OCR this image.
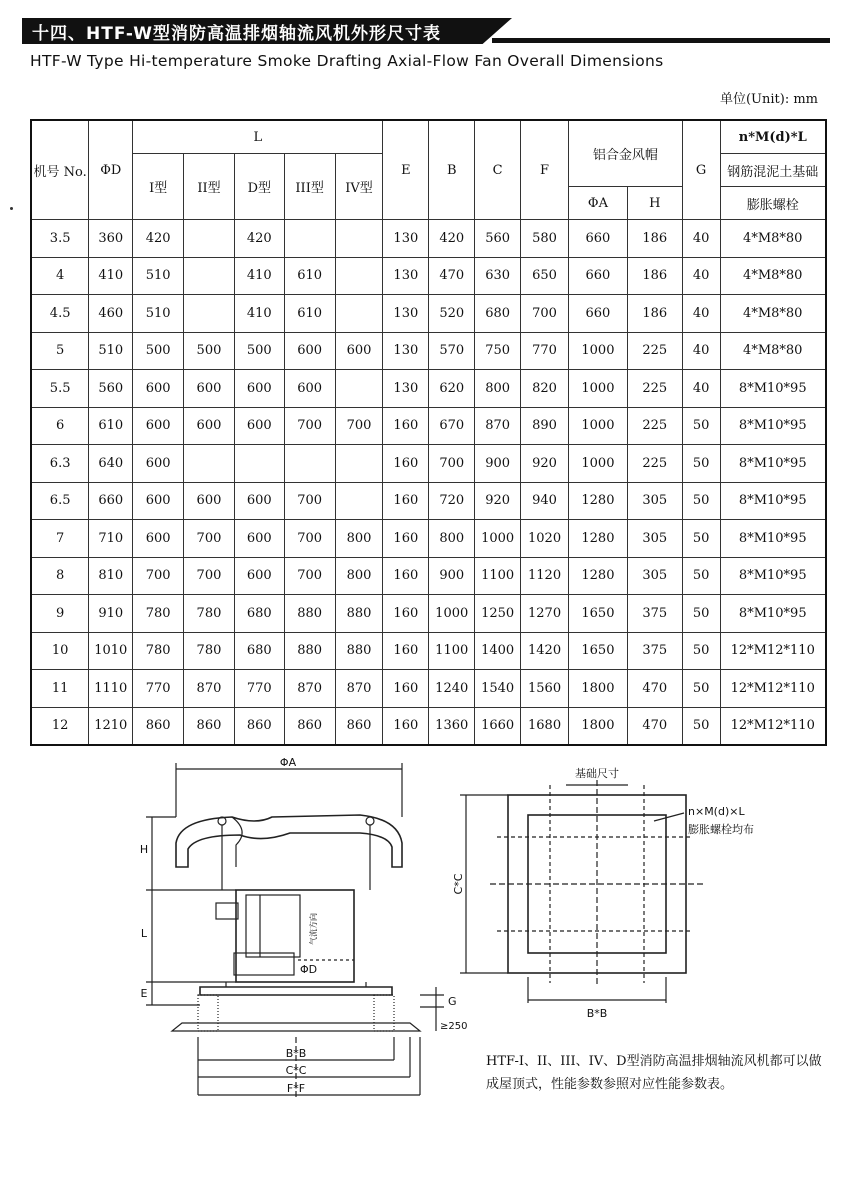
十四、HTF-W型消防高温排烟轴流风机外形尺寸表
HTF-W Type Hi-temperature Smoke Drafting Axial-Flow Fan Overall Dimensions
单位(Unit): mm
机号 No.	ΦD	L					E	B	C	F	铝合金风帽		G	n*M(d)*L
		I型	II型	D型	III型	IV型								钢筋混泥土基础
											ΦA	H		膨胀螺栓
3.5	360	420		420			130	420	560	580	660	186	40	4*M8*80
4	410	510		410	610		130	470	630	650	660	186	40	4*M8*80
4.5	460	510		410	610		130	520	680	700	660	186	40	4*M8*80
5	510	500	500	500	600	600	130	570	750	770	1000	225	40	4*M8*80
5.5	560	600	600	600	600		130	620	800	820	1000	225	40	8*M10*95
6	610	600	600	600	700	700	160	670	870	890	1000	225	50	8*M10*95
6.3	640	600					160	700	900	920	1000	225	50	8*M10*95
6.5	660	600	600	600	700		160	720	920	940	1280	305	50	8*M10*95
7	710	600	700	600	700	800	160	800	1000	1020	1280	305	50	8*M10*95
8	810	700	700	600	700	800	160	900	1100	1120	1280	305	50	8*M10*95
9	910	780	780	680	880	880	160	1000	1250	1270	1650	375	50	8*M10*95
10	1010	780	780	680	880	880	160	1100	1400	1420	1650	375	50	12*M12*110
11	1110	770	870	770	870	870	160	1240	1540	1560	1800	470	50	12*M12*110
12	1210	860	860	860	860	860	160	1360	1660	1680	1800	470	50	12*M12*110
ΦA
H
L
E
ΦD
气流方向
G
≥250
B*B
C*C
F*F
基础尺寸
n×M(d)×L
膨胀螺栓均布
C*C
B*B
HTF-I、II、III、IV、D型消防高温排烟轴流风机都可以做成屋顶式，性能参数参照对应性能参数表。
